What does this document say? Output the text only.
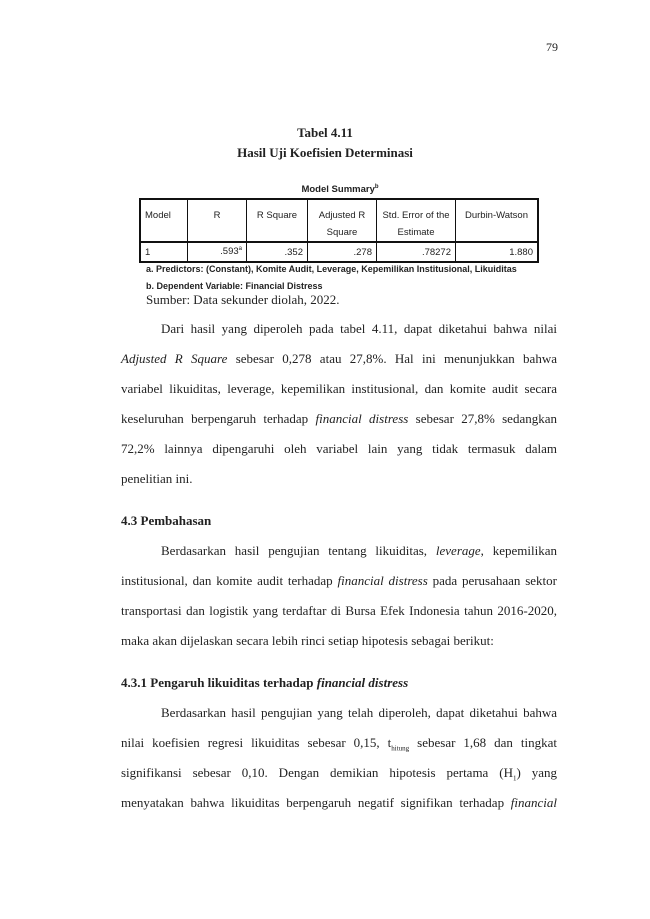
79
Tabel 4.11
Hasil Uji Koefisien Determinasi
Model Summary$^b$
Model	R	R Square	Adjusted R Square	Std. Error of the Estimate	Durbin-Watson
1	.593$^a$	.352	.278	.78272	1.880
a. Predictors: (Constant), Komite Audit, Leverage, Kepemilikan Institusional, Likuiditas
b. Dependent Variable: Financial Distress
Sumber: Data sekunder diolah, 2022.
Dari hasil yang diperoleh pada tabel 4.11, dapat diketahui bahwa nilai
Adjusted R Square sebesar 0,278 atau 27,8%. Hal ini menunjukkan bahwa
variabel likuiditas, leverage, kepemilikan institusional, dan komite audit secara
keseluruhan berpengaruh terhadap financial distress sebesar 27,8% sedangkan
72,2% lainnya dipengaruhi oleh variabel lain yang tidak termasuk dalam
penelitian ini.
4.3 Pembahasan
Berdasarkan hasil pengujian tentang likuiditas, leverage, kepemilikan
institusional, dan komite audit terhadap financial distress pada perusahaan sektor
transportasi dan logistik yang terdaftar di Bursa Efek Indonesia tahun 2016-2020,
maka akan dijelaskan secara lebih rinci setiap hipotesis sebagai berikut:
4.3.1 Pengaruh likuiditas terhadap financial distress
Berdasarkan hasil pengujian yang telah diperoleh, dapat diketahui bahwa
nilai koefisien regresi likuiditas sebesar 0,15, $t_{hitung}$ sebesar 1,68 dan tingkat
signifikansi sebesar 0,10. Dengan demikian hipotesis pertama $(H_1)$ yang
menyatakan bahwa likuiditas berpengaruh negatif signifikan terhadap financial
